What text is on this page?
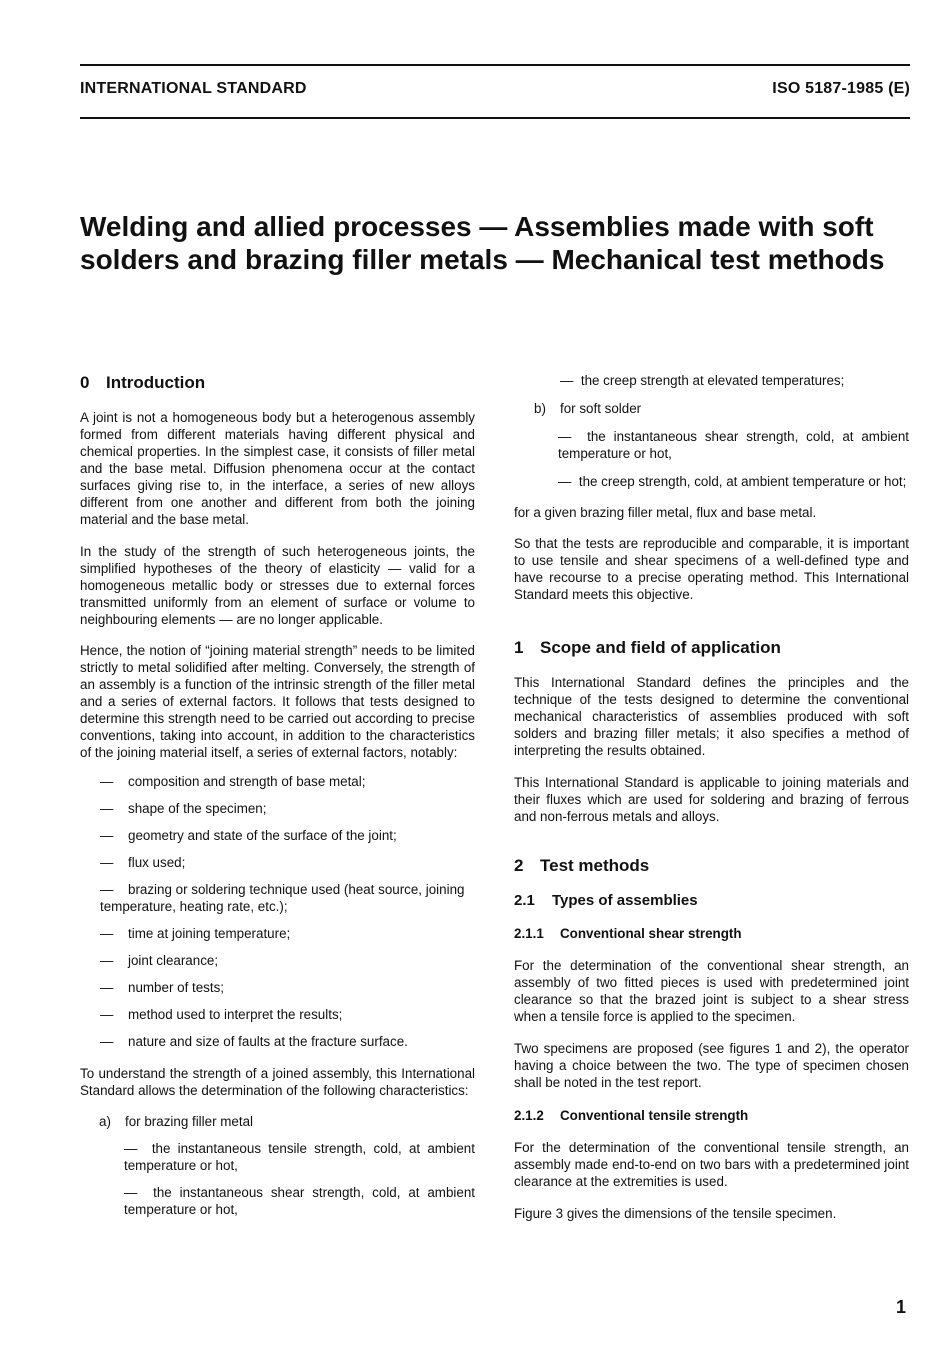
INTERNATIONAL STANDARD	ISO 5187-1985 (E)
Welding and allied processes — Assemblies made with soft solders and brazing filler metals — Mechanical test methods
0 Introduction

A joint is not a homogeneous body but a heterogenous assembly formed from different materials having different physical and chemical properties. In the simplest case, it consists of filler metal and the base metal. Diffusion phenomena occur at the contact surfaces giving rise to, in the interface, a series of new alloys different from one another and different from both the joining material and the base metal.

In the study of the strength of such heterogeneous joints, the simplified hypotheses of the theory of elasticity — valid for a homogeneous metallic body or stresses due to external forces transmitted uniformly from an element of surface or volume to neighbouring elements — are no longer applicable.

Hence, the notion of “joining material strength” needs to be limited strictly to metal solidified after melting. Conversely, the strength of an assembly is a function of the intrinsic strength of the filler metal and a series of external factors. It follows that tests designed to determine this strength need to be carried out according to precise conventions, taking into account, in addition to the characteristics of the joining material itself, a series of external factors, notably:

— composition and strength of base metal;
— shape of the specimen;
— geometry and state of the surface of the joint;
— flux used;
— brazing or soldering technique used (heat source, joining temperature, heating rate, etc.);
— time at joining temperature;
— joint clearance;
— number of tests;
— method used to interpret the results;
— nature and size of faults at the fracture surface.

To understand the strength of a joined assembly, this International Standard allows the determination of the following characteristics:

a) for brazing filler metal

— the instantaneous tensile strength, cold, at ambient temperature or hot,

— the instantaneous shear strength, cold, at ambient temperature or hot,

— the creep strength at elevated temperatures;

b) for soft solder

— the instantaneous shear strength, cold, at ambient temperature or hot,

— the creep strength, cold, at ambient temperature or hot;

for a given brazing filler metal, flux and base metal.

So that the tests are reproducible and comparable, it is important to use tensile and shear specimens of a well-defined type and have recourse to a precise operating method. This International Standard meets this objective.

1 Scope and field of application

This International Standard defines the principles and the technique of the tests designed to determine the conventional mechanical characteristics of assemblies produced with soft solders and brazing filler metals; it also specifies a method of interpreting the results obtained.

This International Standard is applicable to joining materials and their fluxes which are used for soldering and brazing of ferrous and non-ferrous metals and alloys.

2 Test methods
2.1 Types of assemblies
2.1.1 Conventional shear strength

For the determination of the conventional shear strength, an assembly of two fitted pieces is used with predetermined joint clearance so that the brazed joint is subject to a shear stress when a tensile force is applied to the specimen.

Two specimens are proposed (see figures 1 and 2), the operator having a choice between the two. The type of specimen chosen shall be noted in the test report.

2.1.2 Conventional tensile strength

For the determination of the conventional tensile strength, an assembly made end-to-end on two bars with a predetermined joint clearance at the extremities is used.

Figure 3 gives the dimensions of the tensile specimen.

1
